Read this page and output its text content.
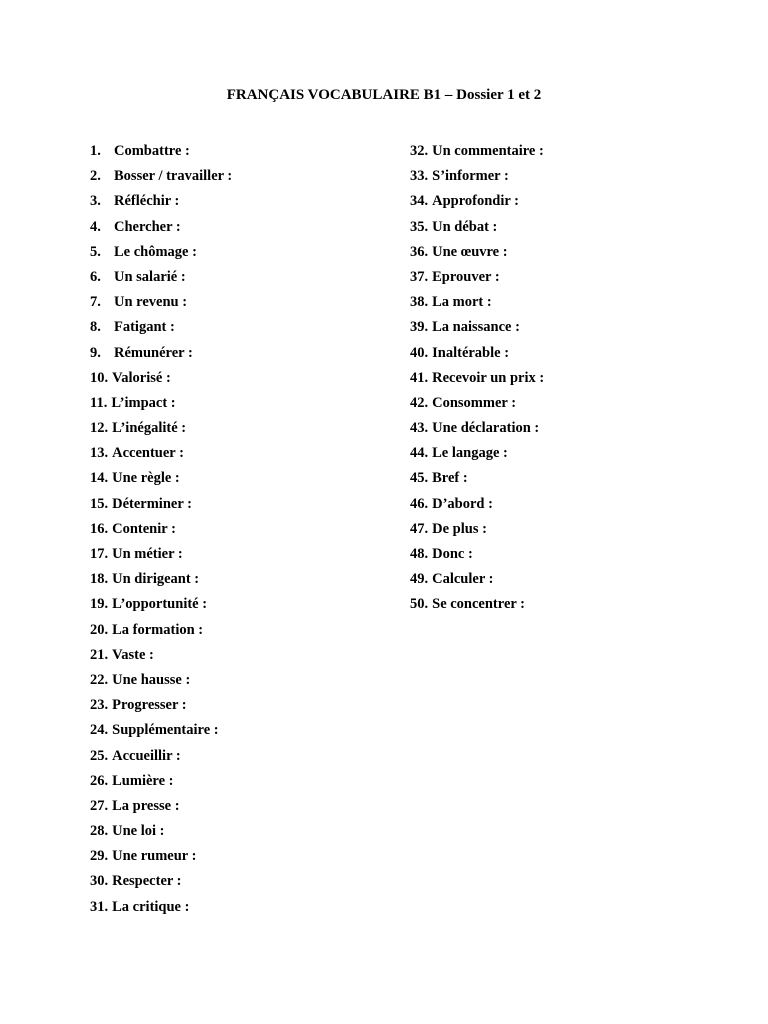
FRANÇAIS VOCABULAIRE B1 – Dossier 1 et 2
1. Combattre :
2. Bosser / travailler :
3. Réfléchir :
4. Chercher :
5. Le chômage :
6. Un salarié :
7. Un revenu :
8. Fatigant :
9. Rémunérer :
10. Valorisé :
11. L’impact :
12. L’inégalité :
13. Accentuer :
14. Une règle :
15. Déterminer :
16. Contenir :
17. Un métier :
18. Un dirigeant :
19. L’opportunité :
20. La formation :
21. Vaste :
22. Une hausse :
23. Progresser :
24. Supplémentaire :
25. Accueillir :
26. Lumière :
27. La presse :
28. Une loi :
29. Une rumeur :
30. Respecter :
31. La critique :
32. Un commentaire :
33. S’informer :
34. Approfondir :
35. Un débat :
36. Une œuvre :
37. Eprouver :
38. La mort :
39. La naissance :
40. Inaltérable :
41. Recevoir un prix :
42. Consommer :
43. Une déclaration :
44. Le langage :
45. Bref :
46. D’abord :
47. De plus :
48. Donc :
49. Calculer :
50. Se concentrer :
